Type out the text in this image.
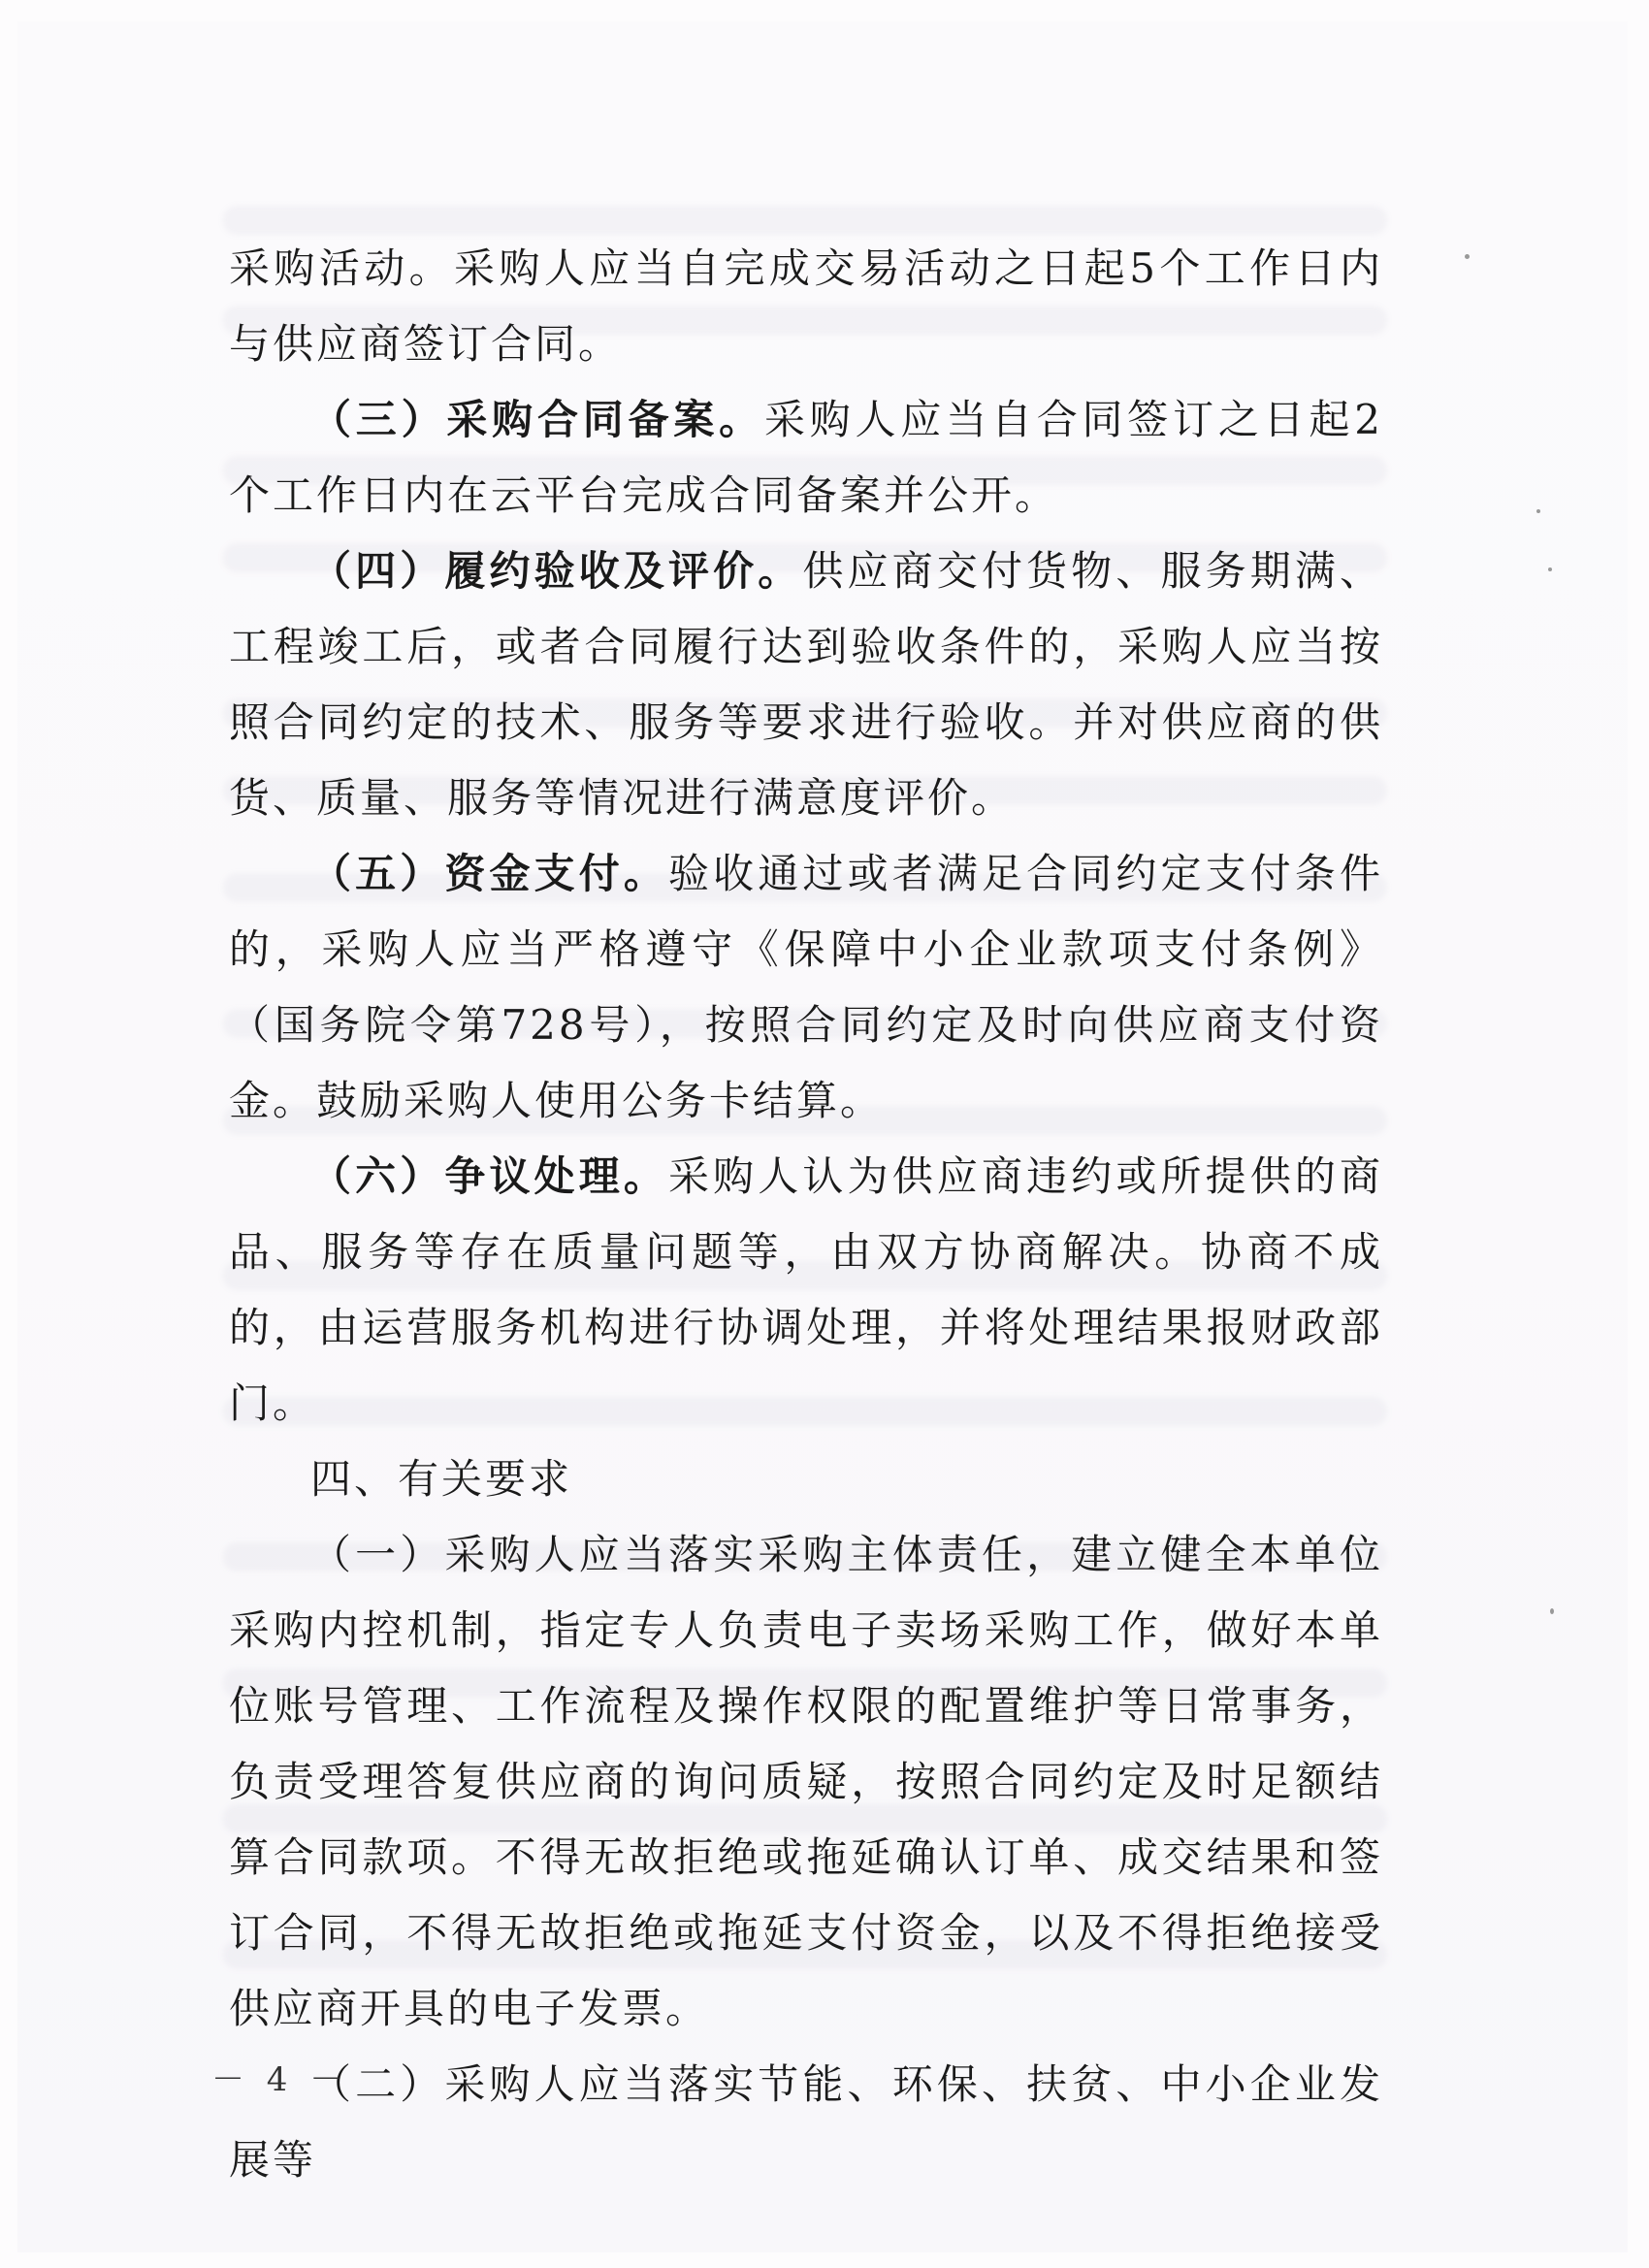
采购活动。采购人应当自完成交易活动之日起5个工作日内与供应商签订合同。

（三）采购合同备案。采购人应当自合同签订之日起2个工作日内在云平台完成合同备案并公开。

（四）履约验收及评价。供应商交付货物、服务期满、工程竣工后，或者合同履行达到验收条件的，采购人应当按照合同约定的技术、服务等要求进行验收。并对供应商的供货、质量、服务等情况进行满意度评价。

（五）资金支付。验收通过或者满足合同约定支付条件的，采购人应当严格遵守《保障中小企业款项支付条例》（国务院令第728号），按照合同约定及时向供应商支付资金。鼓励采购人使用公务卡结算。

（六）争议处理。采购人认为供应商违约或所提供的商品、服务等存在质量问题等，由双方协商解决。协商不成的，由运营服务机构进行协调处理，并将处理结果报财政部门。

四、有关要求

（一）采购人应当落实采购主体责任，建立健全本单位采购内控机制，指定专人负责电子卖场采购工作，做好本单位账号管理、工作流程及操作权限的配置维护等日常事务，负责受理答复供应商的询问质疑，按照合同约定及时足额结算合同款项。不得无故拒绝或拖延确认订单、成交结果和签订合同，不得无故拒绝或拖延支付资金，以及不得拒绝接受供应商开具的电子发票。

（二）采购人应当落实节能、环保、扶贫、中小企业发展等

－ 4 －
